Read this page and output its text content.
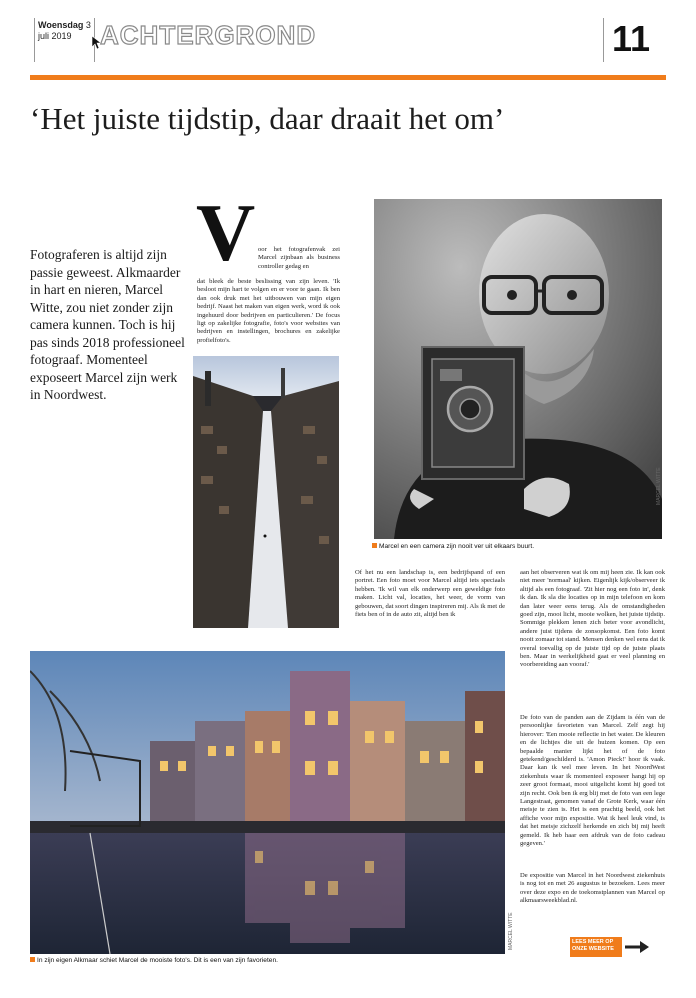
Woensdag 3
juli 2019	ACHTERGROND	11
‘Het juiste tijdstip, daar draait het om’
Fotograferen is altijd zijn passie geweest. Alkmaarder in hart en nieren, Marcel Witte, zou niet zonder zijn camera kunnen. Toch is hij pas sinds 2018 professioneel fotograaf. Momenteel exposeert Marcel zijn werk in Noordwest.
V oor het fotografenvak zei Marcel zijnbaan als business controller gedag en
dat bleek de beste beslissing van zijn leven. 'Ik besloot mijn hart te volgen en er voor te gaan. Ik ben dan ook druk met het uitbouwen van mijn eigen bedrijf. Naast het maken van eigen werk, word ik ook ingehuurd door bedrijven en particulieren.' De focus ligt op zakelijke fotografie, foto's voor websites van bedrijven en instellingen, brochures en zakelijke profielfoto's.
MARCEL WITTE
Marcel en een camera zijn nooit ver uit elkaars buurt.
Of het nu een landschap is, een bedrijfspand of een portret. Een foto moet voor Marcel altijd iets speciaals hebben. 'Ik wil van elk onderwerp een geweldige foto maken. Licht val, locaties, het weer, de vorm van gebouwen, dat soort dingen inspireren mij. Als ik met de fiets ben of in de auto zit, altijd ben ik
aan het observeren wat ik om mij heen zie. Ik kan ook niet meer 'normaal' kijken. Eigenlijk kijk/observeer ik altijd als een fotograaf. 'Zit hier nog een foto in', denk ik dan. Ik sla die locaties op in mijn telefoon en kom dan later weer eens terug. Als de omstandigheden goed zijn, mooi licht, mooie wolken, het juiste tijdstip. Sommige plekken lenen zich beter voor avondlicht, andere juist tijdens de zonsopkomst. Een foto komt nooit zomaar tot stand. Mensen denken wel eens dat ik overal toevallig op de juiste tijd op de juiste plaats ben. Maar in werkelijkheid gaat er veel planning en voorbereiding aan vooraf.'
De foto van de panden aan de Zijdam is één van de persoonlijke favorieten van Marcel. Zelf zegt hij hierover: 'Een mooie reflectie in het water. De kleuren en de lichtjes die uit de huizen komen. Op een bepaalde manier lijkt het of de foto getekend/geschilderd is. 'Amon Pieck!' hoor ik vaak. Daar kan ik wel mee leven. In het NoordWest ziekenhuis waar ik momenteel exposeer hangt hij op zeer groot formaat, mooi uitgelicht komt hij goed tot zijn recht. Ook ben ik erg blij met de foto van een lege Langestraat, genomen vanaf de Grote Kerk, waar één meisje te zien is. Het is een prachtig beeld, ook het affiche voor mijn expositie. Wat ik heel leuk vind, is dat het meisje zichzelf herkende en zich bij mij heeft gemeld. Ik heb haar een afdruk van de foto cadeau gegeven.'
De expositie van Marcel in het Noordwest ziekenhuis is nog tot en met 26 augustus te bezoeken. Lees meer over deze expo en de toekomstplannen van Marcel op alkmaarsweekblad.nl.
MARCEL WITTE
In zijn eigen Alkmaar schiet Marcel de mooiste foto's. Dit is een van zijn favorieten.
LEES MEER OP
ONZE WEBSITE
